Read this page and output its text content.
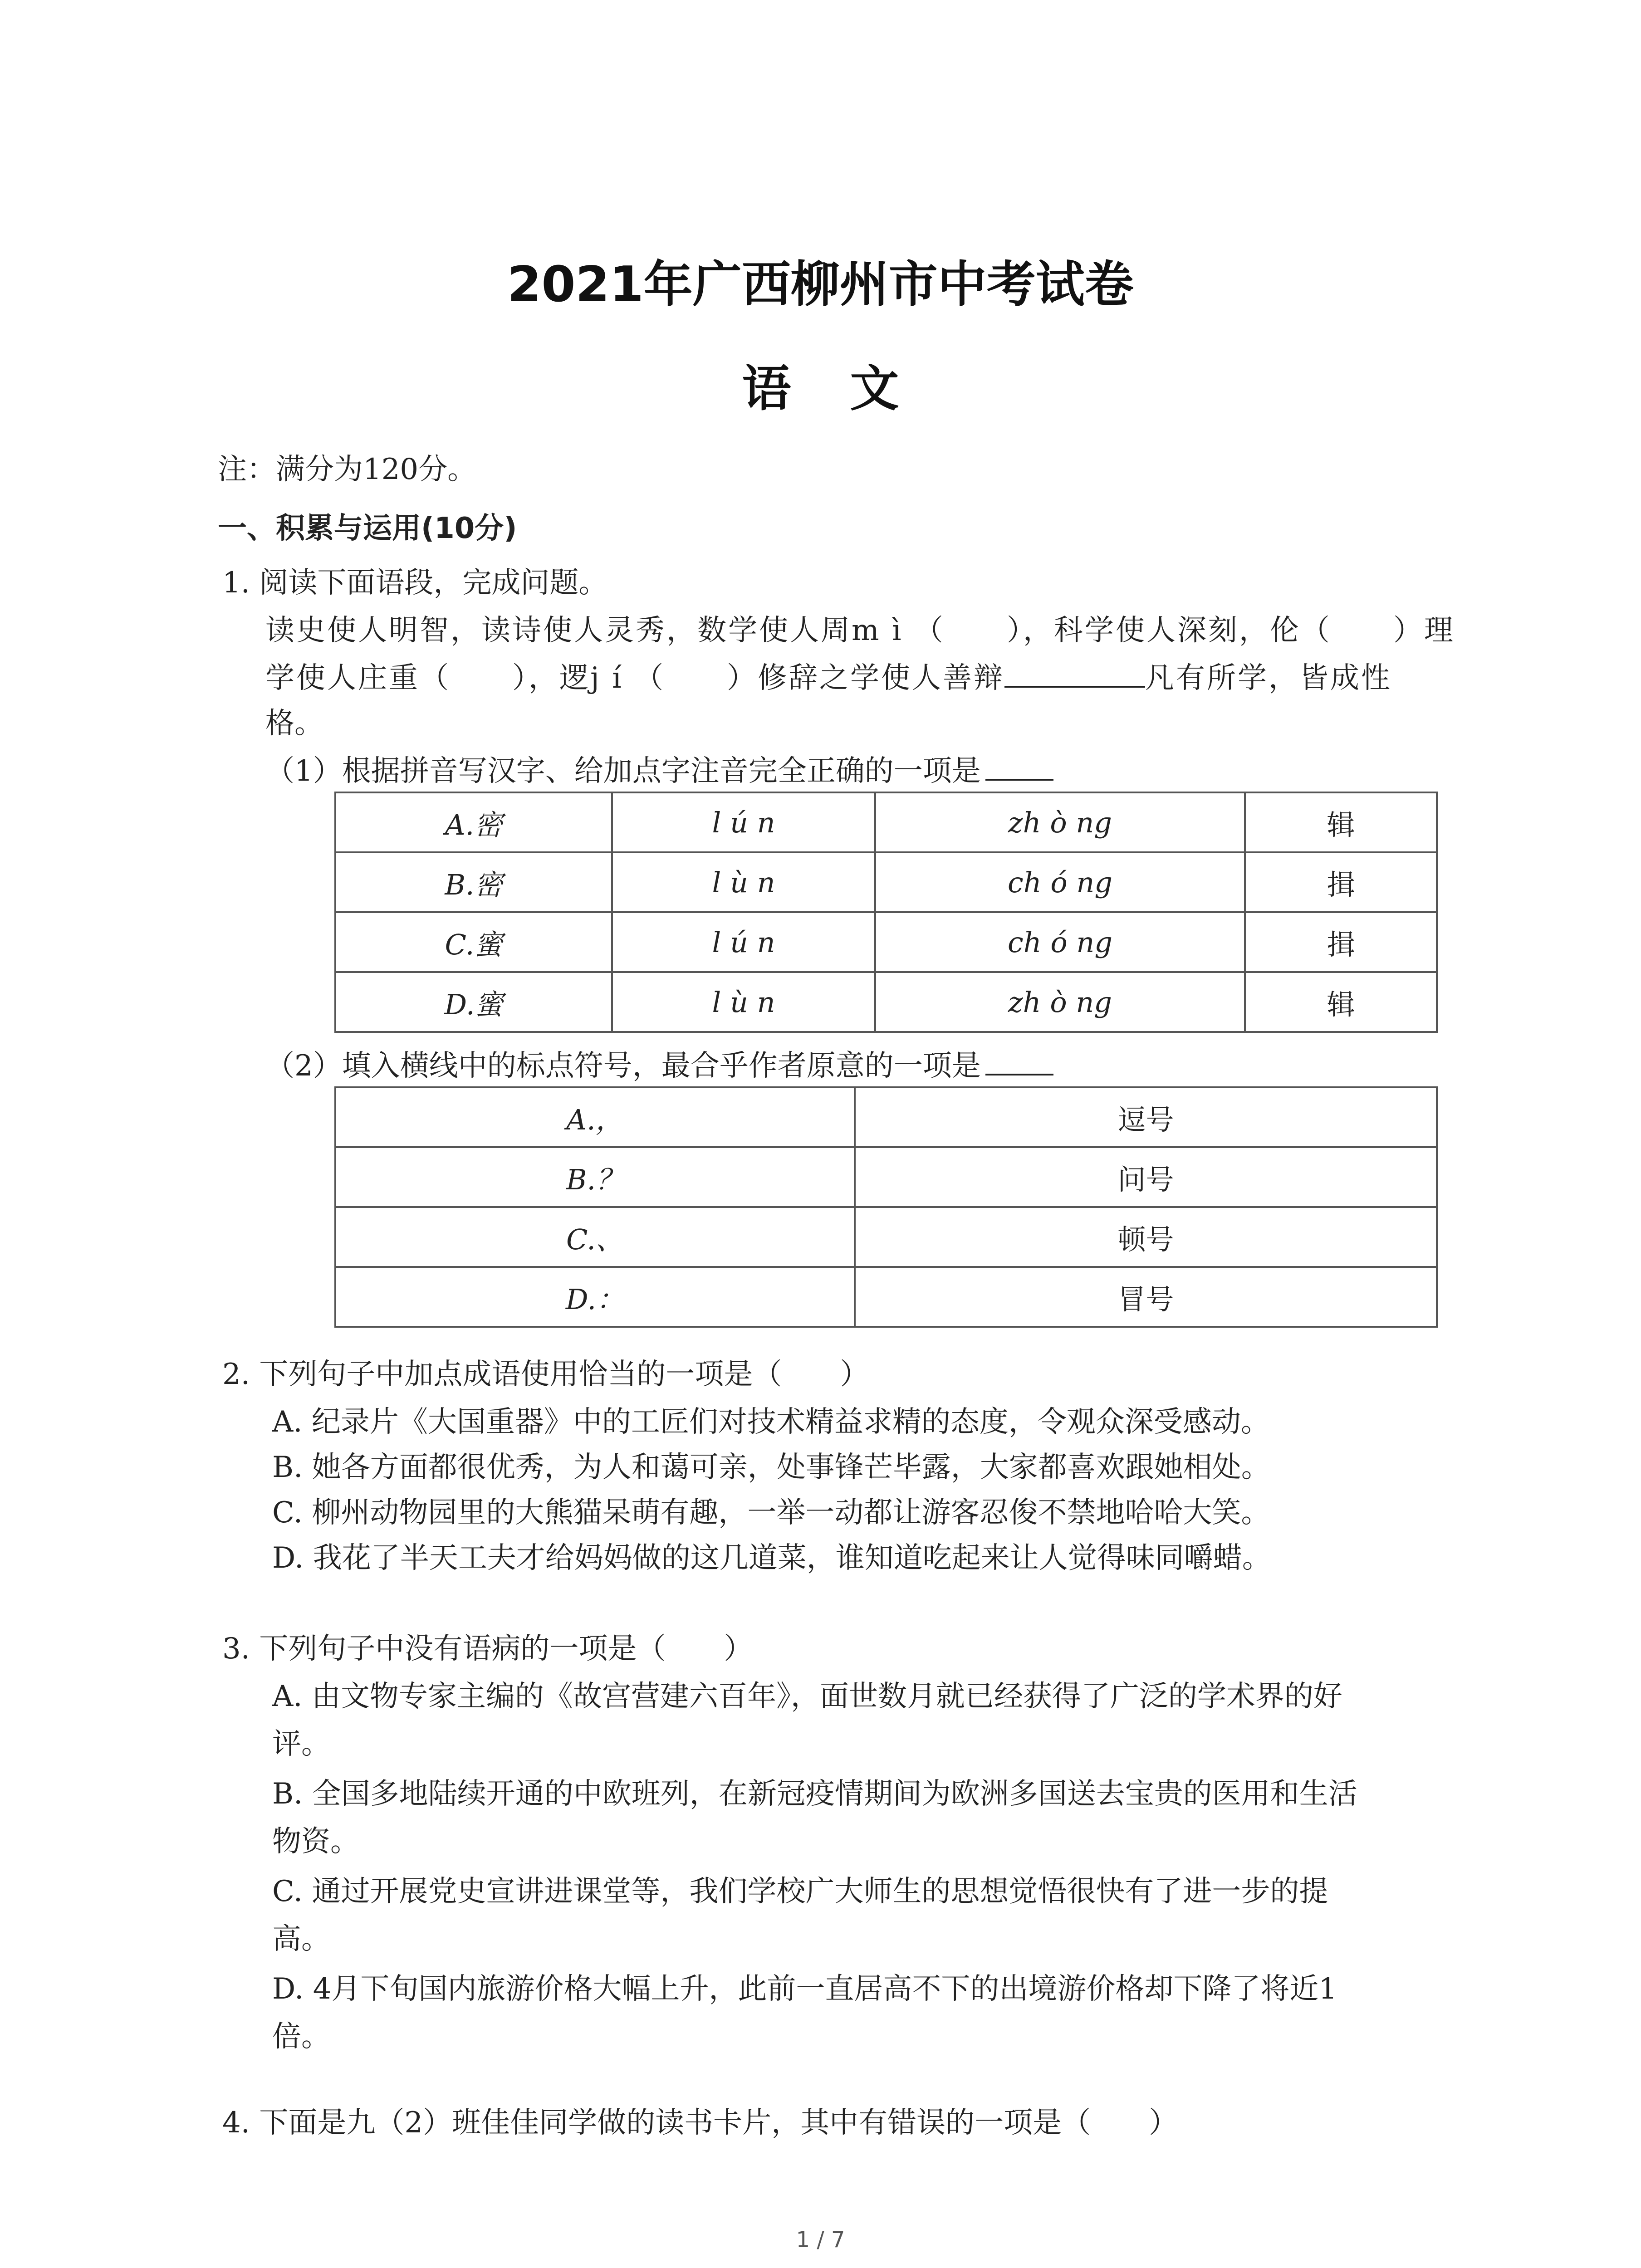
2021年广西柳州市中考试卷
语文
注：满分为120分。
一、积累与运用(10分)
1. 阅读下面语段，完成问题。
读史使人明智，读诗使人灵秀，数学使人周m ì （　　），科学使人深刻，伦（　　）理
学使人庄重（　　），逻j í （　　）修辞之学使人善辩	凡有所学，皆成性
格。
（1）根据拼音写汉字、给加点字注音完全正确的一项是
A.密	l ú n	zh ò ng	辑
B.密	l ù n	ch ó ng	揖
C.蜜	l ú n	ch ó ng	揖
D.蜜	l ù n	zh ò ng	辑
（2）填入横线中的标点符号，最合乎作者原意的一项是
A.，	逗号
B.？	问号
C.、	顿号
D.：	冒号
2. 下列句子中加点成语使用恰当的一项是（　　）
A. 纪录片《大国重器》中的工匠们对技术精益求精的态度，令观众深受感动。
B. 她各方面都很优秀，为人和蔼可亲，处事锋芒毕露，大家都喜欢跟她相处。
C. 柳州动物园里的大熊猫呆萌有趣，一举一动都让游客忍俊不禁地哈哈大笑。
D. 我花了半天工夫才给妈妈做的这几道菜，谁知道吃起来让人觉得味同嚼蜡。
3. 下列句子中没有语病的一项是（　　）
A. 由文物专家主编的《故宫营建六百年》，面世数月就已经获得了广泛的学术界的好
评。
B. 全国多地陆续开通的中欧班列，在新冠疫情期间为欧洲多国送去宝贵的医用和生活
物资。
C. 通过开展党史宣讲进课堂等，我们学校广大师生的思想觉悟很快有了进一步的提
高。
D. 4月下旬国内旅游价格大幅上升，此前一直居高不下的出境游价格却下降了将近1
倍。
4. 下面是九（2）班佳佳同学做的读书卡片，其中有错误的一项是（　　）
1 / 7
